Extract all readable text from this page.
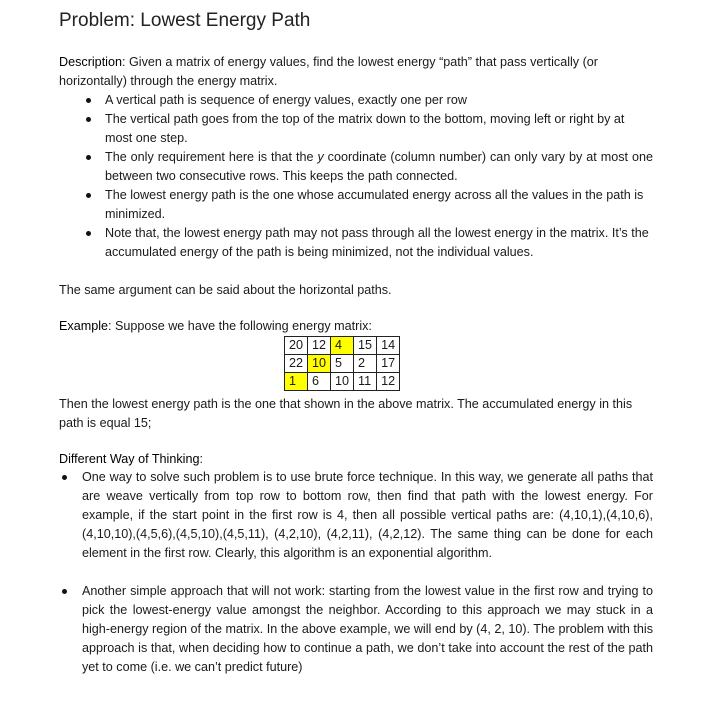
Problem: Lowest Energy Path
Description: Given a matrix of energy values, find the lowest energy “path” that pass vertically (or horizontally) through the energy matrix.
A vertical path is sequence of energy values, exactly one per row
The vertical path goes from the top of the matrix down to the bottom, moving left or right by at most one step.
The only requirement here is that the y coordinate (column number) can only vary by at most one between two consecutive rows. This keeps the path connected.
The lowest energy path is the one whose accumulated energy across all the values in the path is minimized.
Note that, the lowest energy path may not pass through all the lowest energy in the matrix. It’s the accumulated energy of the path is being minimized, not the individual values.
The same argument can be said about the horizontal paths.
Example: Suppose we have the following energy matrix:
20	12	4	15	14
22	10	5	2	17
1	6	10	11	12
Then the lowest energy path is the one that shown in the above matrix. The accumulated energy in this path is equal 15;
Different Way of Thinking:
One way to solve such problem is to use brute force technique. In this way, we generate all paths that are weave vertically from top row to bottom row, then find that path with the lowest energy. For example, if the start point in the first row is 4, then all possible vertical paths are: (4,10,1),(4,10,6),(4,10,10),(4,5,6),(4,5,10),(4,5,11), (4,2,10), (4,2,11), (4,2,12). The same thing can be done for each element in the first row. Clearly, this algorithm is an exponential algorithm.
Another simple approach that will not work: starting from the lowest value in the first row and trying to pick the lowest-energy value amongst the neighbor. According to this approach we may stuck in a high-energy region of the matrix. In the above example, we will end by (4, 2, 10). The problem with this approach is that, when deciding how to continue a path, we don’t take into account the rest of the path yet to come (i.e. we can’t predict future)
